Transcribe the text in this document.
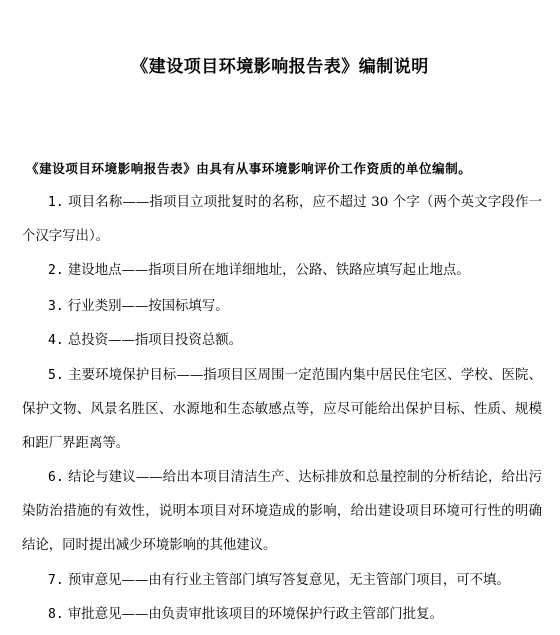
《建设项目环境影响报告表》编制说明
《建设项目环境影响报告表》由具有从事环境影响评价工作资质的单位编制。
1. 项目名称——指项目立项批复时的名称，应不超过 30 个字（两个英文字段作一个汉字写出）。
2. 建设地点——指项目所在地详细地址，公路、铁路应填写起止地点。
3. 行业类别——按国标填写。
4. 总投资——指项目投资总额。
5. 主要环境保护目标——指项目区周围一定范围内集中居民住宅区、学校、医院、保护文物、风景名胜区、水源地和生态敏感点等，应尽可能给出保护目标、性质、规模和距厂界距离等。
6. 结论与建议——给出本项目清洁生产、达标排放和总量控制的分析结论，给出污染防治措施的有效性，说明本项目对环境造成的影响，给出建设项目环境可行性的明确结论，同时提出减少环境影响的其他建议。
7. 预审意见——由有行业主管部门填写答复意见，无主管部门项目，可不填。
8. 审批意见——由负责审批该项目的环境保护行政主管部门批复。
